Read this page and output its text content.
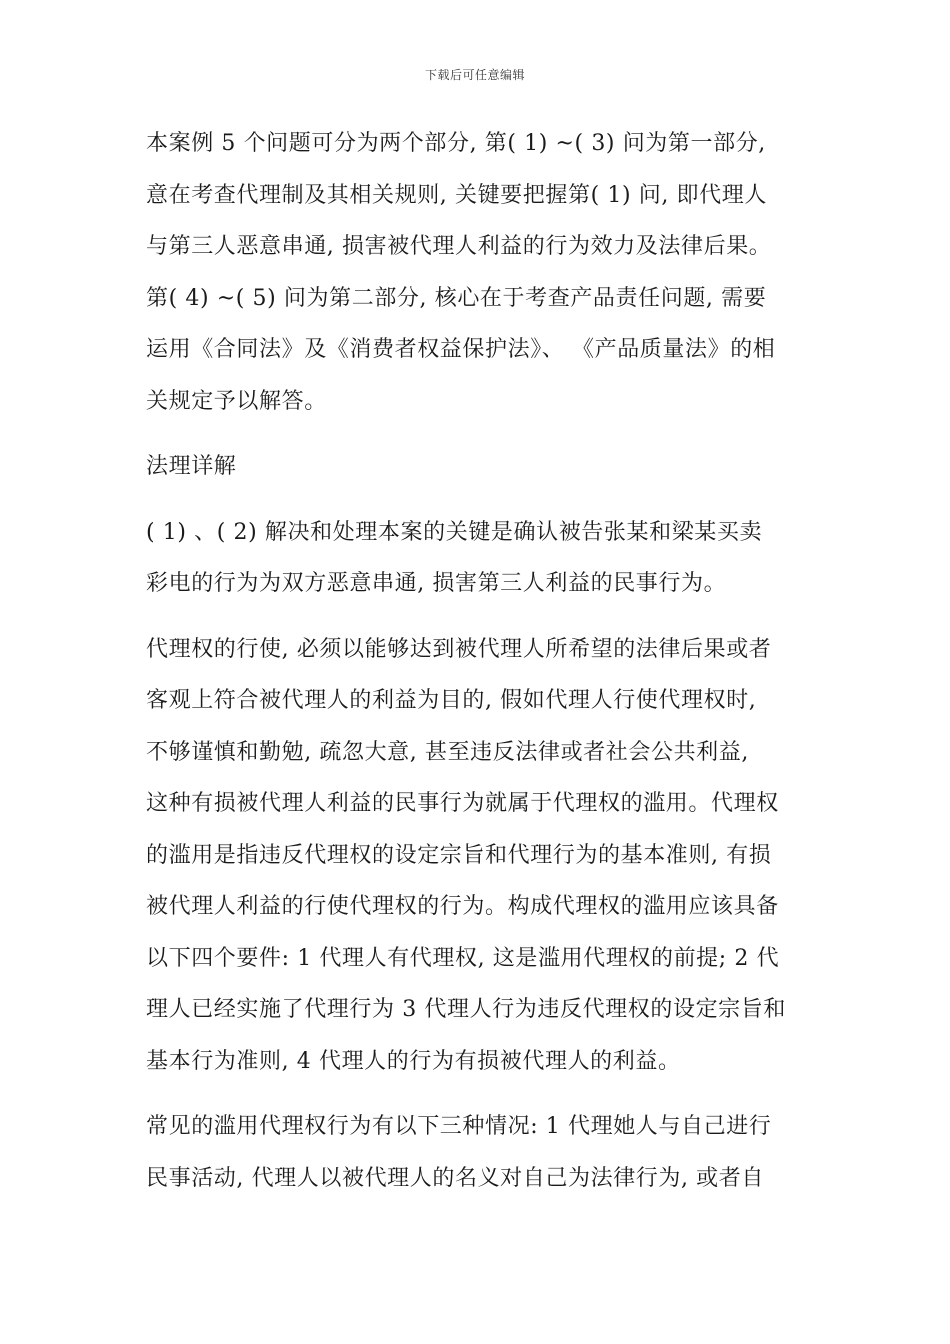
下载后可任意编辑
本案例 5 个问题可分为两个部分, 第( 1) ~( 3) 问为第一部分,
意在考查代理制及其相关规则, 关键要把握第( 1) 问, 即代理人
与第三人恶意串通, 损害被代理人利益的行为效力及法律后果。
第( 4) ~( 5) 问为第二部分, 核心在于考查产品责任问题, 需要
运用《合同法》及《消费者权益保护法》、 《产品质量法》的相
关规定予以解答。
法理详解
( 1) 、( 2) 解决和处理本案的关键是确认被告张某和梁某买卖
彩电的行为为双方恶意串通, 损害第三人利益的民事行为。
代理权的行使, 必须以能够达到被代理人所希望的法律后果或者
客观上符合被代理人的利益为目的, 假如代理人行使代理权时,
不够谨慎和勤勉, 疏忽大意, 甚至违反法律或者社会公共利益,
这种有损被代理人利益的民事行为就属于代理权的滥用。代理权
的滥用是指违反代理权的设定宗旨和代理行为的基本准则, 有损
被代理人利益的行使代理权的行为。构成代理权的滥用应该具备
以下四个要件: 1 代理人有代理权, 这是滥用代理权的前提; 2 代
理人已经实施了代理行为 3 代理人行为违反代理权的设定宗旨和
基本行为准则, 4 代理人的行为有损被代理人的利益。
常见的滥用代理权行为有以下三种情况: 1 代理她人与自己进行
民事活动, 代理人以被代理人的名义对自己为法律行为, 或者自
